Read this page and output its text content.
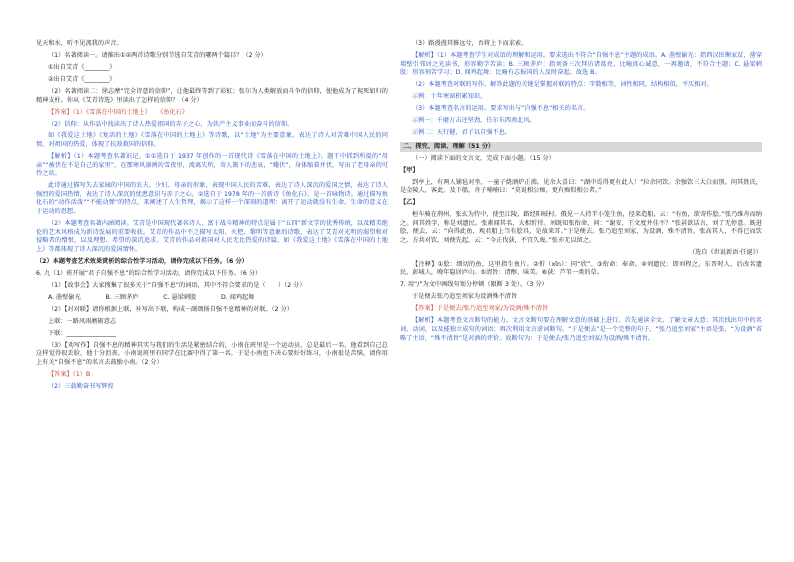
见天和水，听不见流我的声音。

（1）名著阅读一。请推出①②两首诗歌分别节选自艾青的哪两个篇目？（2 分）

①出自艾青《________》

②出自艾青《________》

（2）名著阅读二：徐志摩“完全诗意的信仰”，让他最终等到了彩虹；张尔为人类解放而斗争的信仰，使他成为了视死如归的精神支柱。你从《艾青诗选》里读出了怎样的信仰？（4 分）

【答案】（1）《雪落在中国的土地上》　　《鱼化石》

（2）信仰：从作品中找读出了诗人热爱祖国的赤子之心，为共产主义事业而奋斗的信仰。

如《我爱这土地》《复活的土地》《雪落在中国的土地上》等诗歌，以“土地”为主要意象，表达了诗人对苦难中国人民的同情，对祖国的热爱，体现了抗敌救国的信仰。

【解析】（1）本题考查名著识记。①①选自于 1937 年创作的一首现代诗《雪落在中国的土地上》。题干中抓到所提的“母亲”“被伏在不是自己的家里”，在那寒风凛冽的雪夜里，流离失所，寄人篱下的悲哀，“蜷伏”，身体缩着并伏，写出了老母亲的可怜之状。

此诗通过描写失去家园的中国的农夫、少妇、母亲的形象，表现中国人民的苦难，表达了诗人深沉的爱国之情，表达了诗人强烈的爱国热情，表达了诗人深沉的忧患意识与赤子之心。②选自于 1978 年的一首新诗《鱼化石》，是一首咏物诗。通过描写鱼化石的“动作活泼”“不能动弹”的特点，来阐述了人生哲理，揭示了这样一个深刻的道理：离开了运动就没有生命，生命的意义在于运动的思想。

（2）本题考查名著内涵阅读。艾青是中国现代著名诗人，富于战斗精神的特点是属于“五四”新文学的优秀传统，以及精美绝伦的艺术风格成为新诗发展的重要收获。艾青的作品中不乏描写太阳、火把、黎明等意象的诗歌，表达了艾青对光明的渴望和对侵略者的憎恨，以及理想、希望的深沉追求。艾青的作品对祖国对人民无比热爱的诗篇，如《我爱这土地》《雪落在中国的土地上》等都体现了诗人深沉的爱国情怀。

（2）本题考查艺术效果赏析的综合性学习活动，请你完成以下任务。（6 分）

6. 九（1）班开展“君子自强不息”的综合性学习活动，请你完成以下任务。（6 分）

（1）【故事会】大家搜集了很多关于“自强不息”的词语，其中不符合要求的是（　　）（2 分）

A. 凿壁偷光　　　　B. 三顾茅庐　　　　C. 悬梁刺股　　　　D. 闻鸡起舞

（2）【对对联】请你根据上联，补写出下联，构成一副颂扬自强不息精神的对联。（2 分）

上联：一路风雨磨砺意志

下联：________________

（3）【劝写作】自强不息的精神其实与我们的生活是紧密结合的，小南在班里是一个运动员，总是最后一名，他看到自己总这样觉得很丢脸，他十分沮丧。小南说班里有同学在比赛中得了第一名，于是小南也下决心要好好练习，小南很是苦恼，请你用上有关“自强不息”的名言去鼓励小南。（2 分）

【答案】（1）B

（2）三载勤奋书写辉煌

（3）路漫漫其修远兮，吾将上下而求索。

【解析】（1）本题考查学生对成语的理解和运用。要求选出不符合“自强不息”主题的成语。A. 凿壁偷光：指西汉匡衡家贫，凿穿墙壁引邻居之光读书，形容勤学苦读；B. 三顾茅庐：指刘备三次拜访诸葛亮，比喻真心诚意，一再邀请，不符合主题；C. 悬梁刺股：形容刻苦学习；D. 闻鸡起舞：比喻有志报国的人及时奋起。故选 B。

（2）本题考查对联的写作。解答此题的关键是掌握对联的特点：字数相等，词性相同，结构相似，平仄相对。

示例：十年寒窗积累知识。

（3）本题考查名言的运用。要求写出与“自强不息”相关的名言。

示例一：千磨万击还坚劲，任尔东西南北风。

示例二：天行健，君子以自强不息。

二、探究、阅读、理解（51 分）

（一）阅读下面的文言文，完成下面小题。（15 分）

【甲】

到亭上，有两人铺毡对坐，一童子烧酒炉正沸。见余大喜曰：“湖中焉得更有此人！”拉余同饮。余强饮三大白而别。问其姓氏，是金陵人，客此。及下船，舟子喃喃曰：“莫说相公痴，更有痴似相公者。”

【乙】

桓车骑在荆州，张玄为侍中，使至江陵，路经阳岐村。俄见一人持半小笼生鱼，径来造船，云：“有鱼，欲寄作脍。”张乃维舟而纳之。问其姓字，称是刘遗民。张素闻其名，大相忻待。刘既知张衔命，问：“谢安、王文度并佳不？”张甚欲话言，刘了无停意。既进脍，便去，云：“向得此鱼，观君船上当有脍具，是故来耳。”于是便去。张乃追至刘家，为设酒，殊不清旨。张高其人，不得已而饮之。方共对饮，刘便先起，云：“今正伐荻，不宜久废。”张亦无以留之。

（选自《世说新语·任诞》）

【注释】①脍：细切的鱼，这里指生鱼片。②忻（xīn）：同“欣”。③衔命：奉命。④刘遗民：即刘程之，东晋时人，后改名遗民，彭城人，晚年隐居庐山。⑤清旨：清醇、味美。⑥荻：芦苇一类的草。

7. 用“/”为文中画线句划分停顿（限断 3 处）。（3 分）

于是便去张乃追至刘家为设酒殊不清旨

【答案】于是便去/张乃追至刘家/为设酒/殊不清旨

【解析】本题考查文言断句的能力。文言文断句要在理解文意的基础上进行。首先通读全文，了解文章大意；其次找出句中的名词、动词，以及能独立成句的词语；再次利用文言虚词断句。“于是便去”是一个完整的句子，“张乃追至刘家”主语是张，“为设酒”省略了主语，“殊不清旨”是对酒的评价。故断句为：于是便去/张乃追至刘家/为设酒/殊不清旨。
